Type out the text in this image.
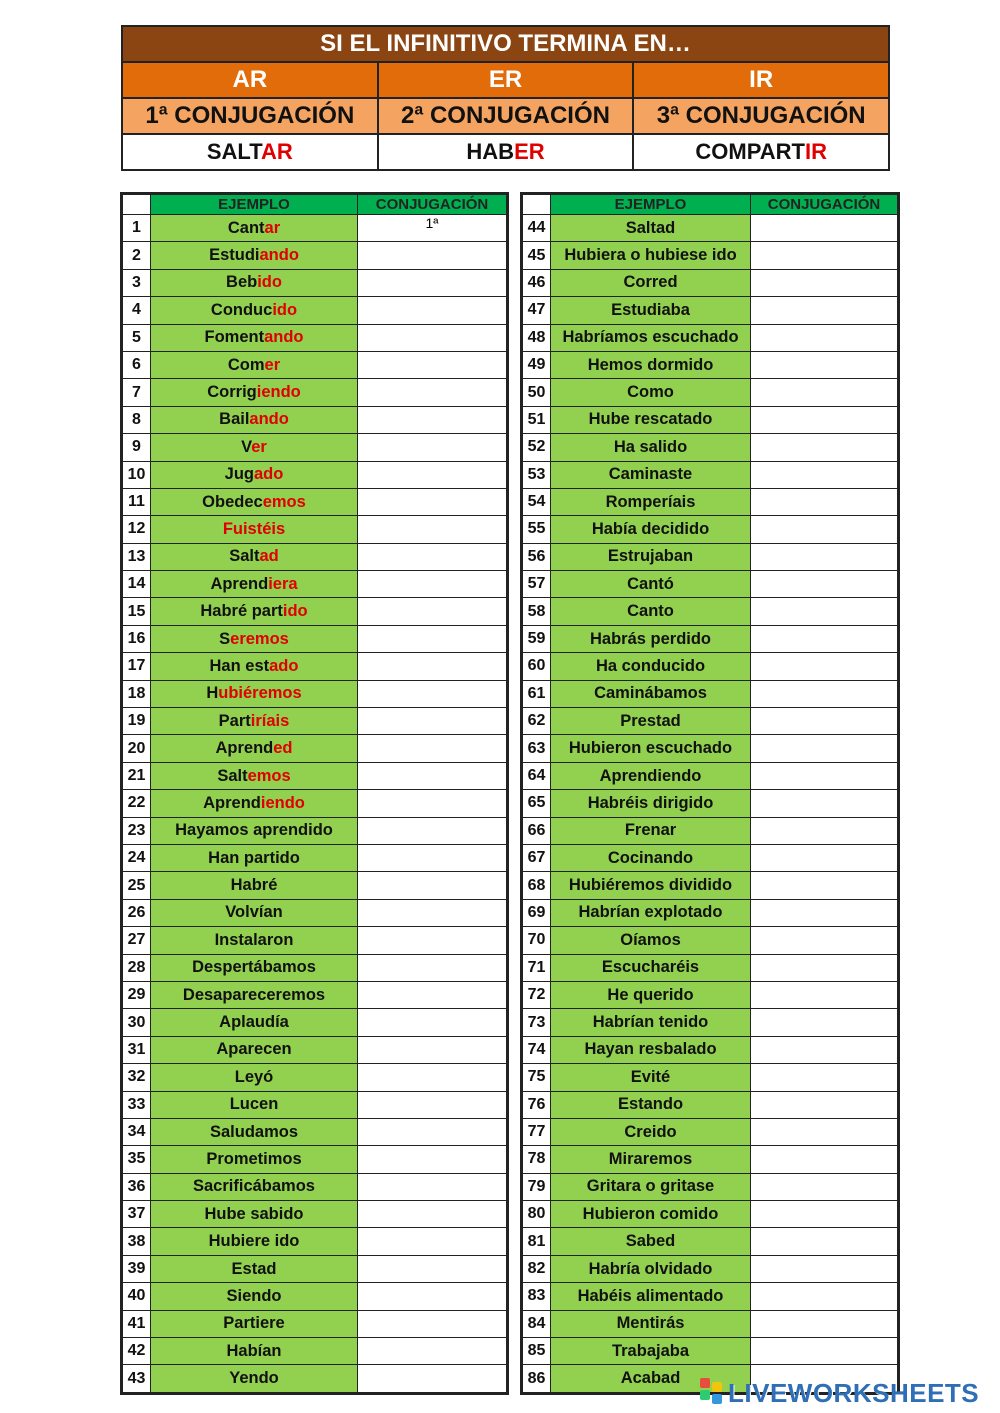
SI EL INFINITIVO TERMINA EN…
AR	ER	IR
1ª CONJUGACIÓN	2ª CONJUGACIÓN	3ª CONJUGACIÓN
SALTAR	HABER	COMPARTIR
	EJEMPLO	CONJUGACIÓN
1	Cantar	1ª
2	Estudiando	
3	Bebido	
4	Conducido	
5	Fomentando	
6	Comer	
7	Corrigiendo	
8	Bailando	
9	Ver	
10	Jugado	
11	Obedecemos	
12	Fuistéis	
13	Saltad	
14	Aprendiera	
15	Habré partido	
16	Seremos	
17	Han estado	
18	Hubiéremos	
19	Partiríais	
20	Aprended	
21	Saltemos	
22	Aprendiendo	
23	Hayamos aprendido	
24	Han partido	
25	Habré	
26	Volvían	
27	Instalaron	
28	Despertábamos	
29	Desapareceremos	
30	Aplaudía	
31	Aparecen	
32	Leyó	
33	Lucen	
34	Saludamos	
35	Prometimos	
36	Sacrificábamos	
37	Hube sabido	
38	Hubiere ido	
39	Estad	
40	Siendo	
41	Partiere	
42	Habían	
43	Yendo	
	EJEMPLO	CONJUGACIÓN
44	Saltad	
45	Hubiera o hubiese ido	
46	Corred	
47	Estudiaba	
48	Habríamos escuchado	
49	Hemos dormido	
50	Como	
51	Hube rescatado	
52	Ha salido	
53	Caminaste	
54	Romperíais	
55	Había decidido	
56	Estrujaban	
57	Cantó	
58	Canto	
59	Habrás perdido	
60	Ha conducido	
61	Caminábamos	
62	Prestad	
63	Hubieron escuchado	
64	Aprendiendo	
65	Habréis dirigido	
66	Frenar	
67	Cocinando	
68	Hubiéremos dividido	
69	Habrían explotado	
70	Oíamos	
71	Escucharéis	
72	He querido	
73	Habrían tenido	
74	Hayan resbalado	
75	Evité	
76	Estando	
77	Creido	
78	Miraremos	
79	Gritara o gritase	
80	Hubieron comido	
81	Sabed	
82	Habría olvidado	
83	Habéis alimentado	
84	Mentirás	
85	Trabajaba	
86	Acabad	LIVEWORKSHEETS
